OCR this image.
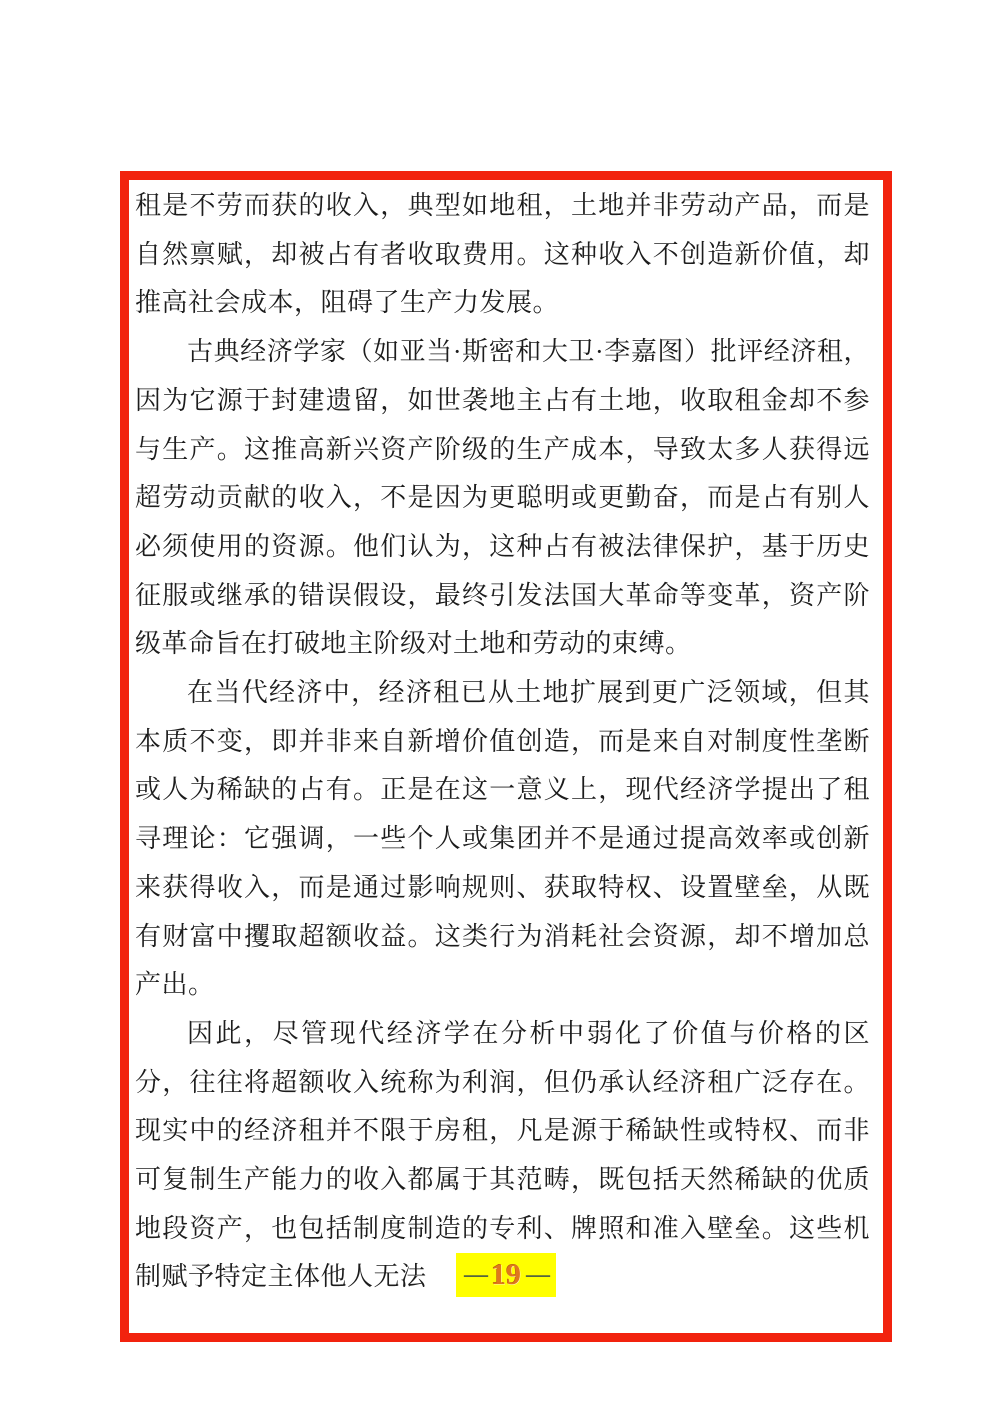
租是不劳而获的收入，典型如地租，土地并非劳动产品，而是自然禀赋，却被占有者收取费用。这种收入不创造新价值，却推高社会成本，阻碍了生产力发展。

古典经济学家（如亚当·斯密和大卫·李嘉图）批评经济租，因为它源于封建遗留，如世袭地主占有土地，收取租金却不参与生产。这推高新兴资产阶级的生产成本，导致太多人获得远超劳动贡献的收入，不是因为更聪明或更勤奋，而是占有别人必须使用的资源。他们认为，这种占有被法律保护，基于历史征服或继承的错误假设，最终引发法国大革命等变革，资产阶级革命旨在打破地主阶级对土地和劳动的束缚。

在当代经济中，经济租已从土地扩展到更广泛领域，但其本质不变，即并非来自新增价值创造，而是来自对制度性垄断或人为稀缺的占有。正是在这一意义上，现代经济学提出了租寻理论：它强调，一些个人或集团并不是通过提高效率或创新来获得收入，而是通过影响规则、获取特权、设置壁垒，从既有财富中攫取超额收益。这类行为消耗社会资源，却不增加总产出。

因此，尽管现代经济学在分析中弱化了价值与价格的区分，往往将超额收入统称为利润，但仍承认经济租广泛存在。现实中的经济租并不限于房租，凡是源于稀缺性或特权、而非可复制生产能力的收入都属于其范畴，既包括天然稀缺的优质地段资产，也包括制度制造的专利、牌照和准入壁垒。这些机制赋予特定主体他人无法	— 19 —
